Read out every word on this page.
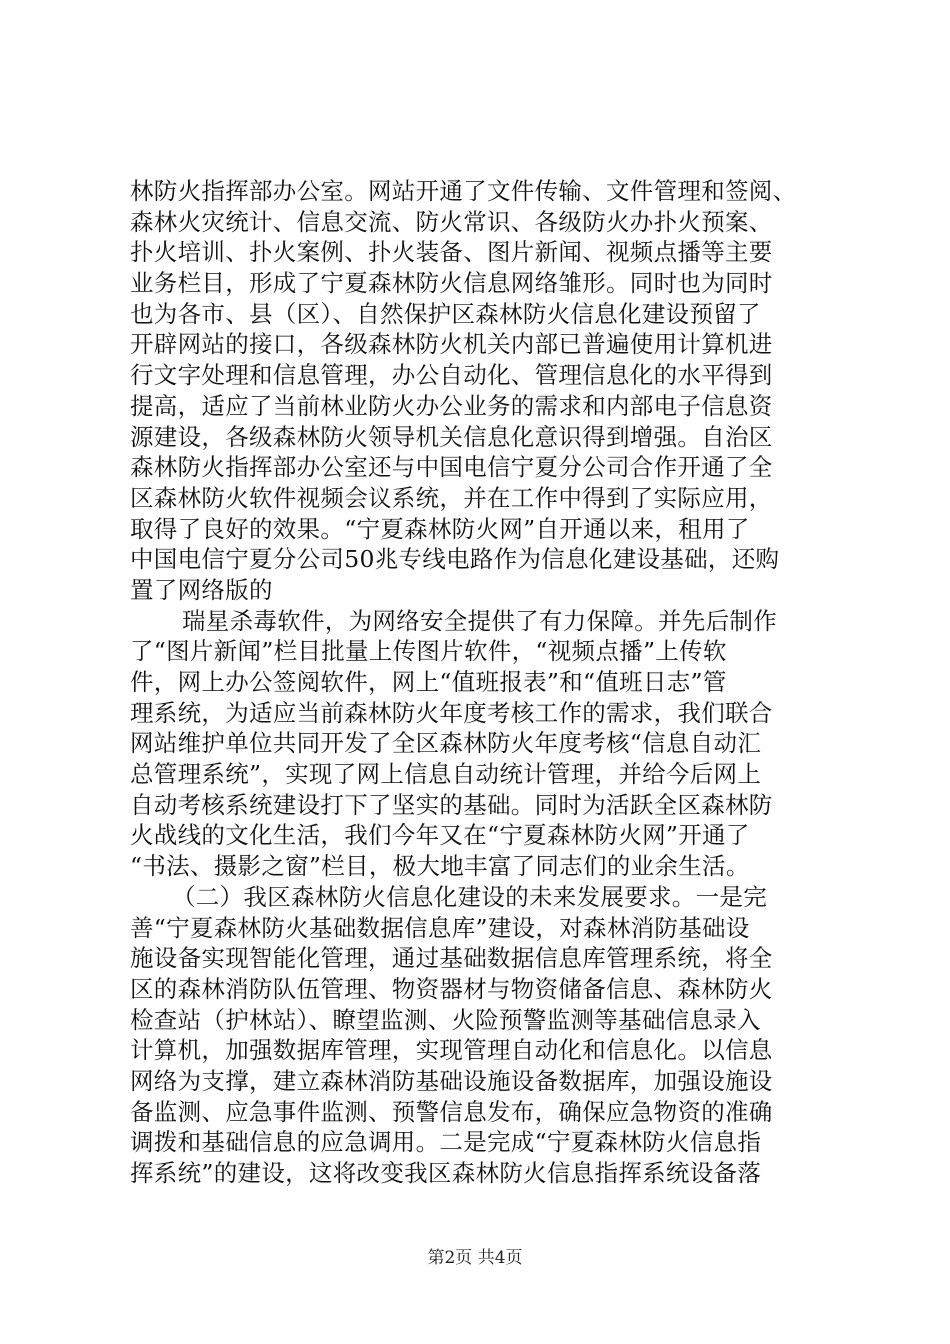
林防火指挥部办公室。网站开通了文件传输、文件管理和签阅、
森林火灾统计、信息交流、防火常识、各级防火办扑火预案、
扑火培训、扑火案例、扑火装备、图片新闻、视频点播等主要
业务栏目，形成了宁夏森林防火信息网络雏形。同时也为同时
也为各市、县（区）、自然保护区森林防火信息化建设预留了
开辟网站的接口，各级森林防火机关内部已普遍使用计算机进
行文字处理和信息管理，办公自动化、管理信息化的水平得到
提高，适应了当前林业防火办公业务的需求和内部电子信息资
源建设，各级森林防火领导机关信息化意识得到增强。自治区
森林防火指挥部办公室还与中国电信宁夏分公司合作开通了全
区森林防火软件视频会议系统，并在工作中得到了实际应用，
取得了良好的效果。“宁夏森林防火网”自开通以来，租用了
中国电信宁夏分公司50兆专线电路作为信息化建设基础，还购
置了网络版的
瑞星杀毒软件，为网络安全提供了有力保障。并先后制作
了“图片新闻”栏目批量上传图片软件，“视频点播”上传软
件，网上办公签阅软件，网上“值班报表”和“值班日志”管
理系统，为适应当前森林防火年度考核工作的需求，我们联合
网站维护单位共同开发了全区森林防火年度考核“信息自动汇
总管理系统”，实现了网上信息自动统计管理，并给今后网上
自动考核系统建设打下了坚实的基础。同时为活跃全区森林防
火战线的文化生活，我们今年又在“宁夏森林防火网”开通了
“书法、摄影之窗”栏目，极大地丰富了同志们的业余生活。
（二）我区森林防火信息化建设的未来发展要求。一是完
善“宁夏森林防火基础数据信息库”建设，对森林消防基础设
施设备实现智能化管理，通过基础数据信息库管理系统，将全
区的森林消防队伍管理、物资器材与物资储备信息、森林防火
检查站（护林站）、瞭望监测、火险预警监测等基础信息录入
计算机，加强数据库管理，实现管理自动化和信息化。以信息
网络为支撑，建立森林消防基础设施设备数据库，加强设施设
备监测、应急事件监测、预警信息发布，确保应急物资的准确
调拨和基础信息的应急调用。二是完成“宁夏森林防火信息指
挥系统”的建设，这将改变我区森林防火信息指挥系统设备落
第2页 共4页
